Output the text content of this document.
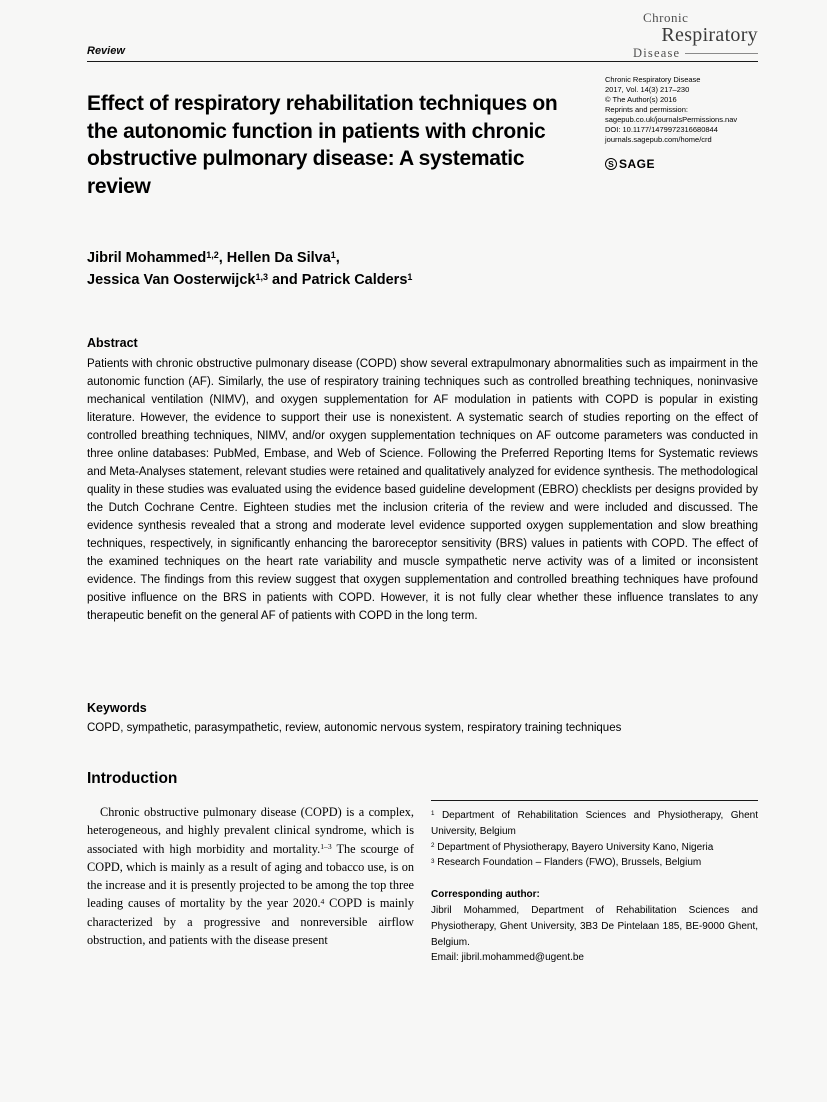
Review
Chronic
Respiratory
Disease
Effect of respiratory rehabilitation techniques on the autonomic function in patients with chronic obstructive pulmonary disease: A systematic review
Chronic Respiratory Disease
2017, Vol. 14(3) 217–230
© The Author(s) 2016
Reprints and permission:
sagepub.co.uk/journalsPermissions.nav
DOI: 10.1177/1479972316680844
journals.sagepub.com/home/crd
S SAGE
Jibril Mohammed$^{1,2}$, Hellen Da Silva$^1$,
Jessica Van Oosterwijck$^{1,3}$ and Patrick Calders$^1$
Abstract

Patients with chronic obstructive pulmonary disease (COPD) show several extrapulmonary abnormalities such as impairment in the autonomic function (AF). Similarly, the use of respiratory training techniques such as controlled breathing techniques, noninvasive mechanical ventilation (NIMV), and oxygen supplementation for AF modulation in patients with COPD is popular in existing literature. However, the evidence to support their use is nonexistent. A systematic search of studies reporting on the effect of controlled breathing techniques, NIMV, and/or oxygen supplementation techniques on AF outcome parameters was conducted in three online databases: PubMed, Embase, and Web of Science. Following the Preferred Reporting Items for Systematic reviews and Meta-Analyses statement, relevant studies were retained and qualitatively analyzed for evidence synthesis. The methodological quality in these studies was evaluated using the evidence based guideline development (EBRO) checklists per designs provided by the Dutch Cochrane Centre. Eighteen studies met the inclusion criteria of the review and were included and discussed. The evidence synthesis revealed that a strong and moderate level evidence supported oxygen supplementation and slow breathing techniques, respectively, in significantly enhancing the baroreceptor sensitivity (BRS) values in patients with COPD. The effect of the examined techniques on the heart rate variability and muscle sympathetic nerve activity was of a limited or inconsistent evidence. The findings from this review suggest that oxygen supplementation and controlled breathing techniques have profound positive influence on the BRS in patients with COPD. However, it is not fully clear whether these influence translates to any therapeutic benefit on the general AF of patients with COPD in the long term.

Keywords

COPD, sympathetic, parasympathetic, review, autonomic nervous system, respiratory training techniques

Introduction

Chronic obstructive pulmonary disease (COPD) is a complex, heterogeneous, and highly prevalent clinical syndrome, which is associated with high morbidity and mortality.$^{1-3}$ The scourge of COPD, which is mainly as a result of aging and tobacco use, is on the increase and it is presently projected to be among the top three leading causes of mortality by the year 2020.$^4$ COPD is mainly characterized by a progressive and nonreversible airflow obstruction, and patients with the disease present

$^1$ Department of Rehabilitation Sciences and Physiotherapy, Ghent University, Belgium

$^2$ Department of Physiotherapy, Bayero University Kano, Nigeria

$^3$ Research Foundation – Flanders (FWO), Brussels, Belgium

Corresponding author:

Jibril Mohammed, Department of Rehabilitation Sciences and Physiotherapy, Ghent University, 3B3 De Pintelaan 185, BE-9000 Ghent, Belgium.

Email: jibril.mohammed@ugent.be
